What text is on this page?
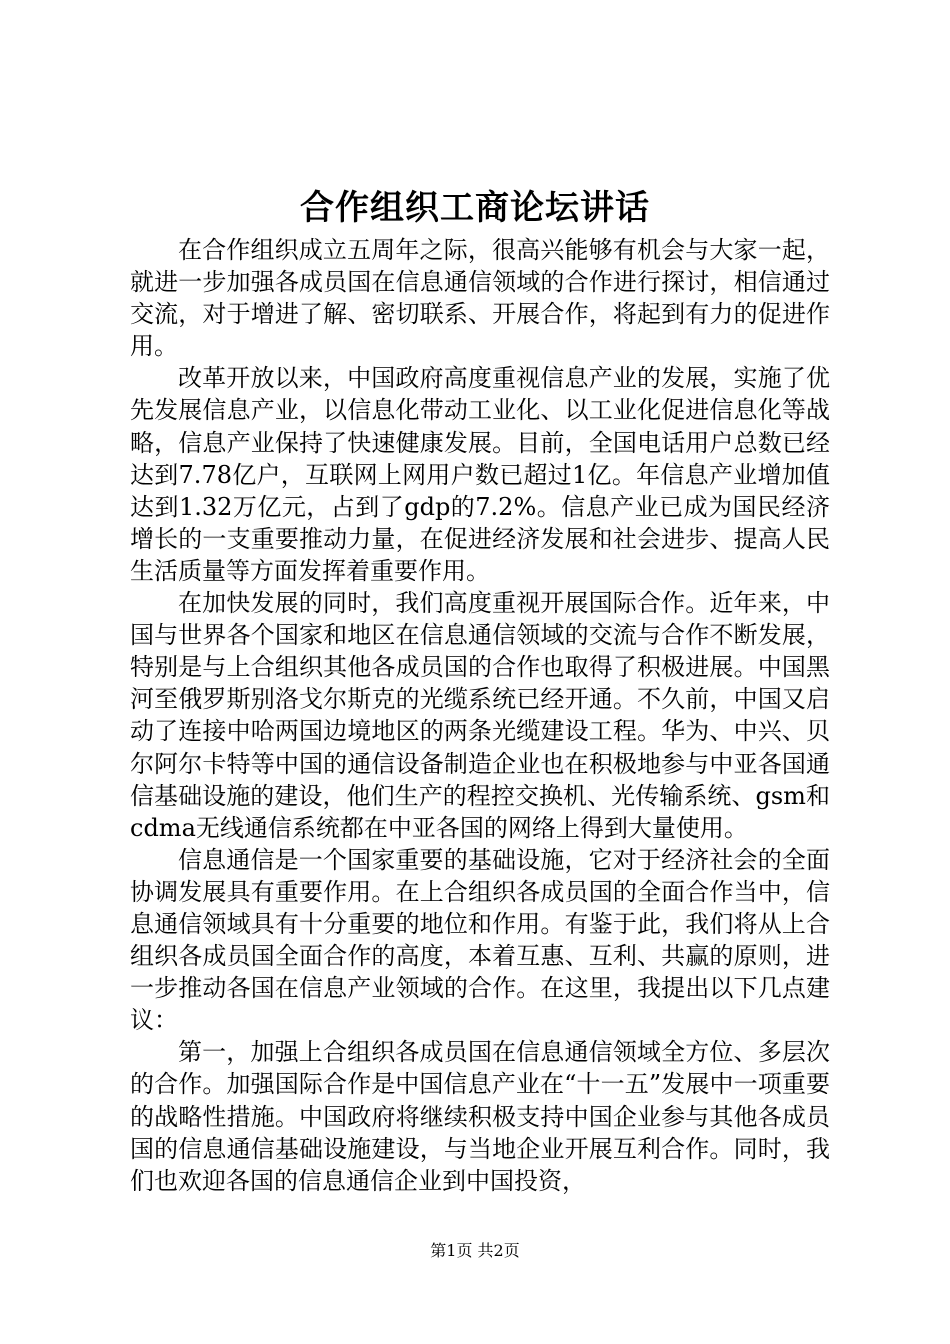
合作组织工商论坛讲话

在合作组织成立五周年之际，很高兴能够有机会与大家一起，就进一步加强各成员国在信息通信领域的合作进行探讨，相信通过交流，对于增进了解、密切联系、开展合作，将起到有力的促进作用。

改革开放以来，中国政府高度重视信息产业的发展，实施了优先发展信息产业，以信息化带动工业化、以工业化促进信息化等战略，信息产业保持了快速健康发展。目前，全国电话用户总数已经达到7.78亿户，互联网上网用户数已超过1亿。年信息产业增加值达到1.32万亿元，占到了gdp的7.2%。信息产业已成为国民经济增长的一支重要推动力量，在促进经济发展和社会进步、提高人民生活质量等方面发挥着重要作用。

在加快发展的同时，我们高度重视开展国际合作。近年来，中国与世界各个国家和地区在信息通信领域的交流与合作不断发展，特别是与上合组织其他各成员国的合作也取得了积极进展。中国黑河至俄罗斯别洛戈尔斯克的光缆系统已经开通。不久前，中国又启动了连接中哈两国边境地区的两条光缆建设工程。华为、中兴、贝尔阿尔卡特等中国的通信设备制造企业也在积极地参与中亚各国通信基础设施的建设，他们生产的程控交换机、光传输系统、gsm和cdma无线通信系统都在中亚各国的网络上得到大量使用。

信息通信是一个国家重要的基础设施，它对于经济社会的全面协调发展具有重要作用。在上合组织各成员国的全面合作当中，信息通信领域具有十分重要的地位和作用。有鉴于此，我们将从上合组织各成员国全面合作的高度，本着互惠、互利、共赢的原则，进一步推动各国在信息产业领域的合作。在这里，我提出以下几点建议：

第一，加强上合组织各成员国在信息通信领域全方位、多层次的合作。加强国际合作是中国信息产业在“十一五”发展中一项重要的战略性措施。中国政府将继续积极支持中国企业参与其他各成员国的信息通信基础设施建设，与当地企业开展互利合作。同时，我们也欢迎各国的信息通信企业到中国投资，

第1页 共2页
